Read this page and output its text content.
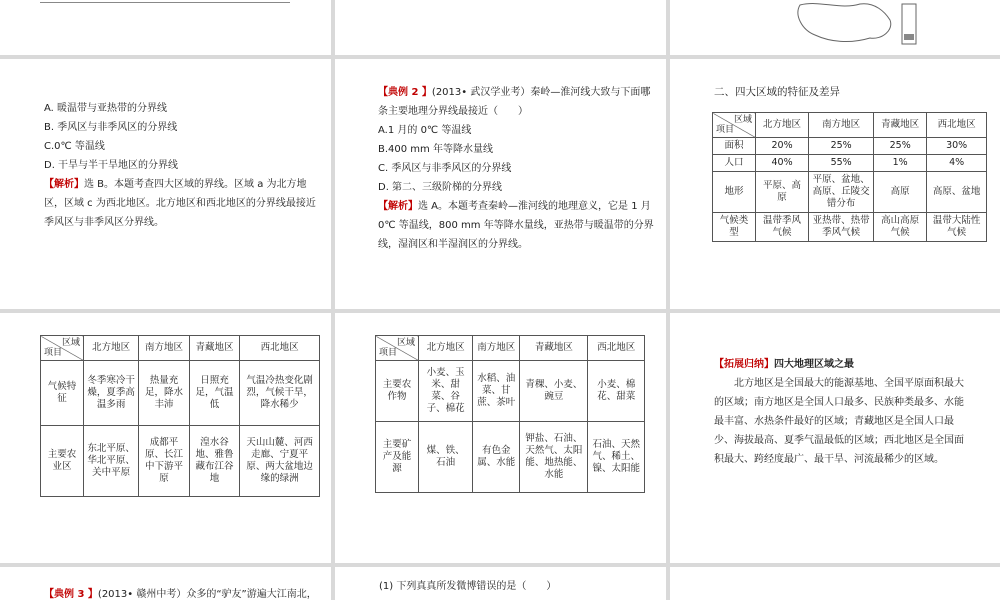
A. 暖温带与亚热带的分界线
B. 季风区与非季风区的分界线
C.0℃ 等温线
D. 干旱与半干旱地区的分界线
【解析】选 B。本题考查四大区域的界线。区域 a 为北方地区，区域 c 为西北地区。北方地区和西北地区的分界线最接近季风区与非季风区分界线。
【典例 2 】(2013• 武汉学业考）秦岭—淮河线大致与下面哪条主要地理分界线最接近（　　）
A.1 月的 0℃ 等温线
B.400 mm 年等降水量线
C. 季风区与非季风区的分界线
D. 第二、三级阶梯的分界线
【解析】选 A。本题考查秦岭—淮河线的地理意义，它是 1 月 0℃ 等温线，800 mm 年等降水量线，亚热带与暖温带的分界线，湿润区和半湿润区的分界线。
二、四大区域的特征及差异
区域
项目	北方地区	南方地区	青藏地区	西北地区
面积	20%	25%	25%	30%
人口	40%	55%	1%	4%
地形	平原、高原	平原、盆地、高原、丘陵交错分布	高原	高原、盆地
气候类型	温带季风气候	亚热带、热带季风气候	高山高原气候	温带大陆性气候
区域
项目	北方地区	南方地区	青藏地区	西北地区
气候特征	冬季寒冷干燥，夏季高温多雨	热量充足，降水丰沛	日照充足，气温低	气温冷热变化剧烈，气候干旱，降水稀少
主要农业区	东北平原、华北平原、关中平原	成都平原、长江中下游平原	湟水谷地、雅鲁藏布江谷地	天山山麓、河西走廊、宁夏平原、两大盆地边缘的绿洲
区域
项目	北方地区	南方地区	青藏地区	西北地区
主要农作物	小麦、玉米、甜菜、谷子、棉花	水稻、油菜、甘蔗、茶叶	青稞、小麦、豌豆	小麦、棉花、甜菜
主要矿产及能源	煤、铁、石油	有色金属、水能	钾盐、石油、天然气、太阳能、地热能、水能	石油、天然气、稀土、镍、太阳能
【拓展归纳】四大地理区域之最
北方地区是全国最大的能源基地、全国平原面积最大的区域；南方地区是全国人口最多、民族种类最多、水能最丰富、水热条件最好的区域；青藏地区是全国人口最少、海拔最高、夏季气温最低的区域；西北地区是全国面积最大、跨经度最广、最干旱、河流最稀少的区域。
【典例 3 】(2013• 赣州中考）众多的“驴友”游遍大江南北，
(1) 下列真真所发微博错误的是（　　）
